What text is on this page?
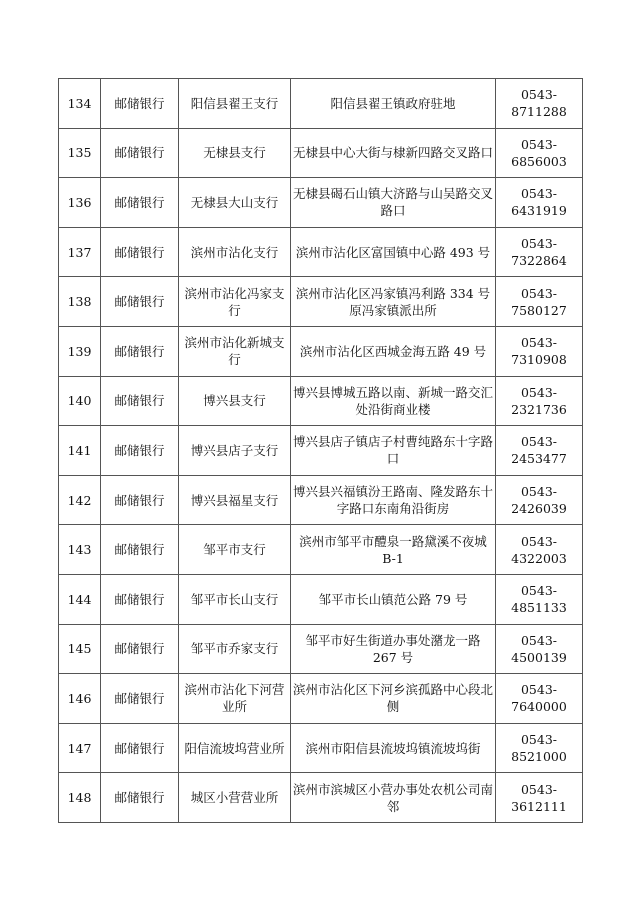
134	邮储银行	阳信县翟王支行	阳信县翟王镇政府驻地	0543-8711288
135	邮储银行	无棣县支行	无棣县中心大街与棣新四路交叉路口	0543-6856003
136	邮储银行	无棣县大山支行	无棣县碣石山镇大济路与山吴路交叉路口	0543-6431919
137	邮储银行	滨州市沾化支行	滨州市沾化区富国镇中心路 493 号	0543-7322864
138	邮储银行	滨州市沾化冯家支行	滨州市沾化区冯家镇冯利路 334 号原冯家镇派出所	0543-7580127
139	邮储银行	滨州市沾化新城支行	滨州市沾化区西城金海五路 49 号	0543-7310908
140	邮储银行	博兴县支行	博兴县博城五路以南、新城一路交汇处沿街商业楼	0543-2321736
141	邮储银行	博兴县店子支行	博兴县店子镇店子村曹纯路东十字路口	0543-2453477
142	邮储银行	博兴县福星支行	博兴县兴福镇汾王路南、隆发路东十字路口东南角沿街房	0543-2426039
143	邮储银行	邹平市支行	滨州市邹平市醴泉一路黛溪不夜城 B-1	0543-4322003
144	邮储银行	邹平市长山支行	邹平市长山镇范公路 79 号	0543-4851133
145	邮储银行	邹平市乔家支行	邹平市好生街道办事处潴龙一路 267 号	0543-4500139
146	邮储银行	滨州市沾化下河营业所	滨州市沾化区下河乡滨孤路中心段北侧	0543-7640000
147	邮储银行	阳信流坡坞营业所	滨州市阳信县流坡坞镇流坡坞街	0543-8521000
148	邮储银行	城区小营营业所	滨州市滨城区小营办事处农机公司南邻	0543-3612111
